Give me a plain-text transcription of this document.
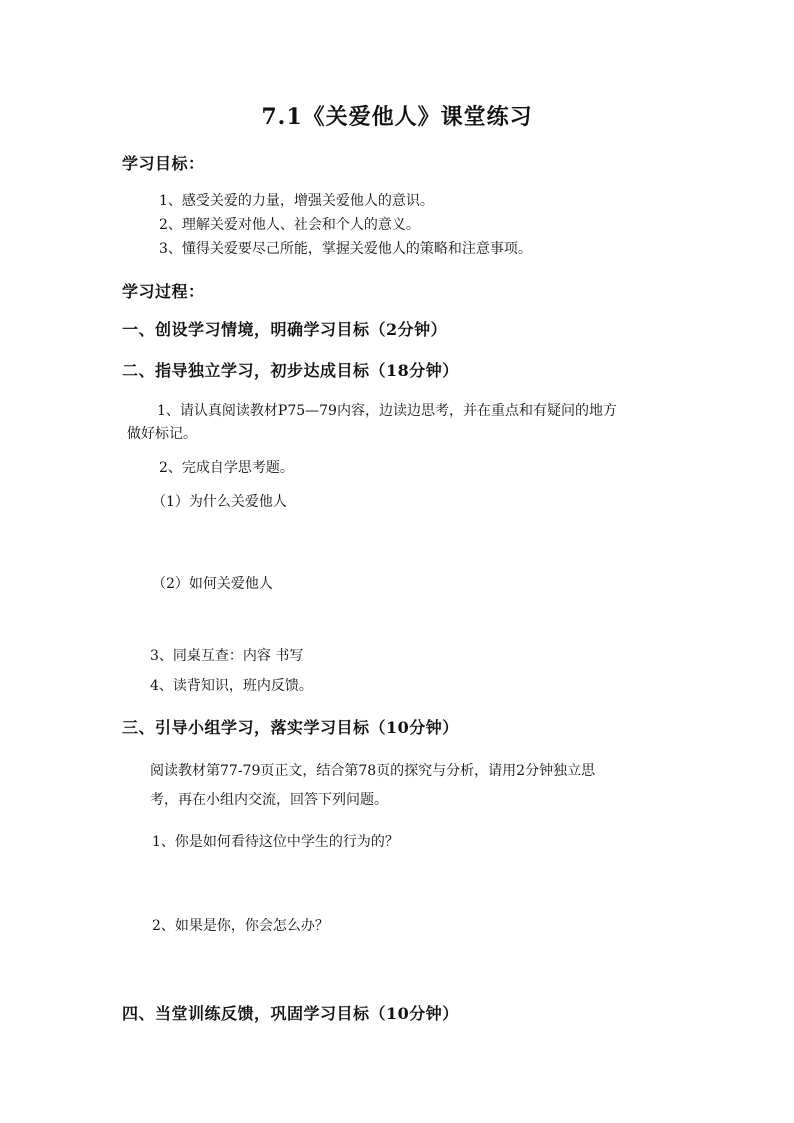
7.1《关爱他人》课堂练习
学习目标：
1、感受关爱的力量，增强关爱他人的意识。
2、理解关爱对他人、社会和个人的意义。
3、懂得关爱要尽己所能，掌握关爱他人的策略和注意事项。
学习过程：
一、创设学习情境，明确学习目标（2分钟）
二、指导独立学习，初步达成目标（18分钟）
1、请认真阅读教材P75—79内容，边读边思考，并在重点和有疑问的地方
做好标记。
2、完成自学思考题。
（1）为什么关爱他人
（2）如何关爱他人
3、同桌互查：内容 书写
4、读背知识，班内反馈。
三、引导小组学习，落实学习目标（10分钟）
阅读教材第77-79页正文，结合第78页的探究与分析，请用2分钟独立思
考，再在小组内交流，回答下列问题。
1、你是如何看待这位中学生的行为的？
2、如果是你，你会怎么办？
四、当堂训练反馈，巩固学习目标（10分钟）
